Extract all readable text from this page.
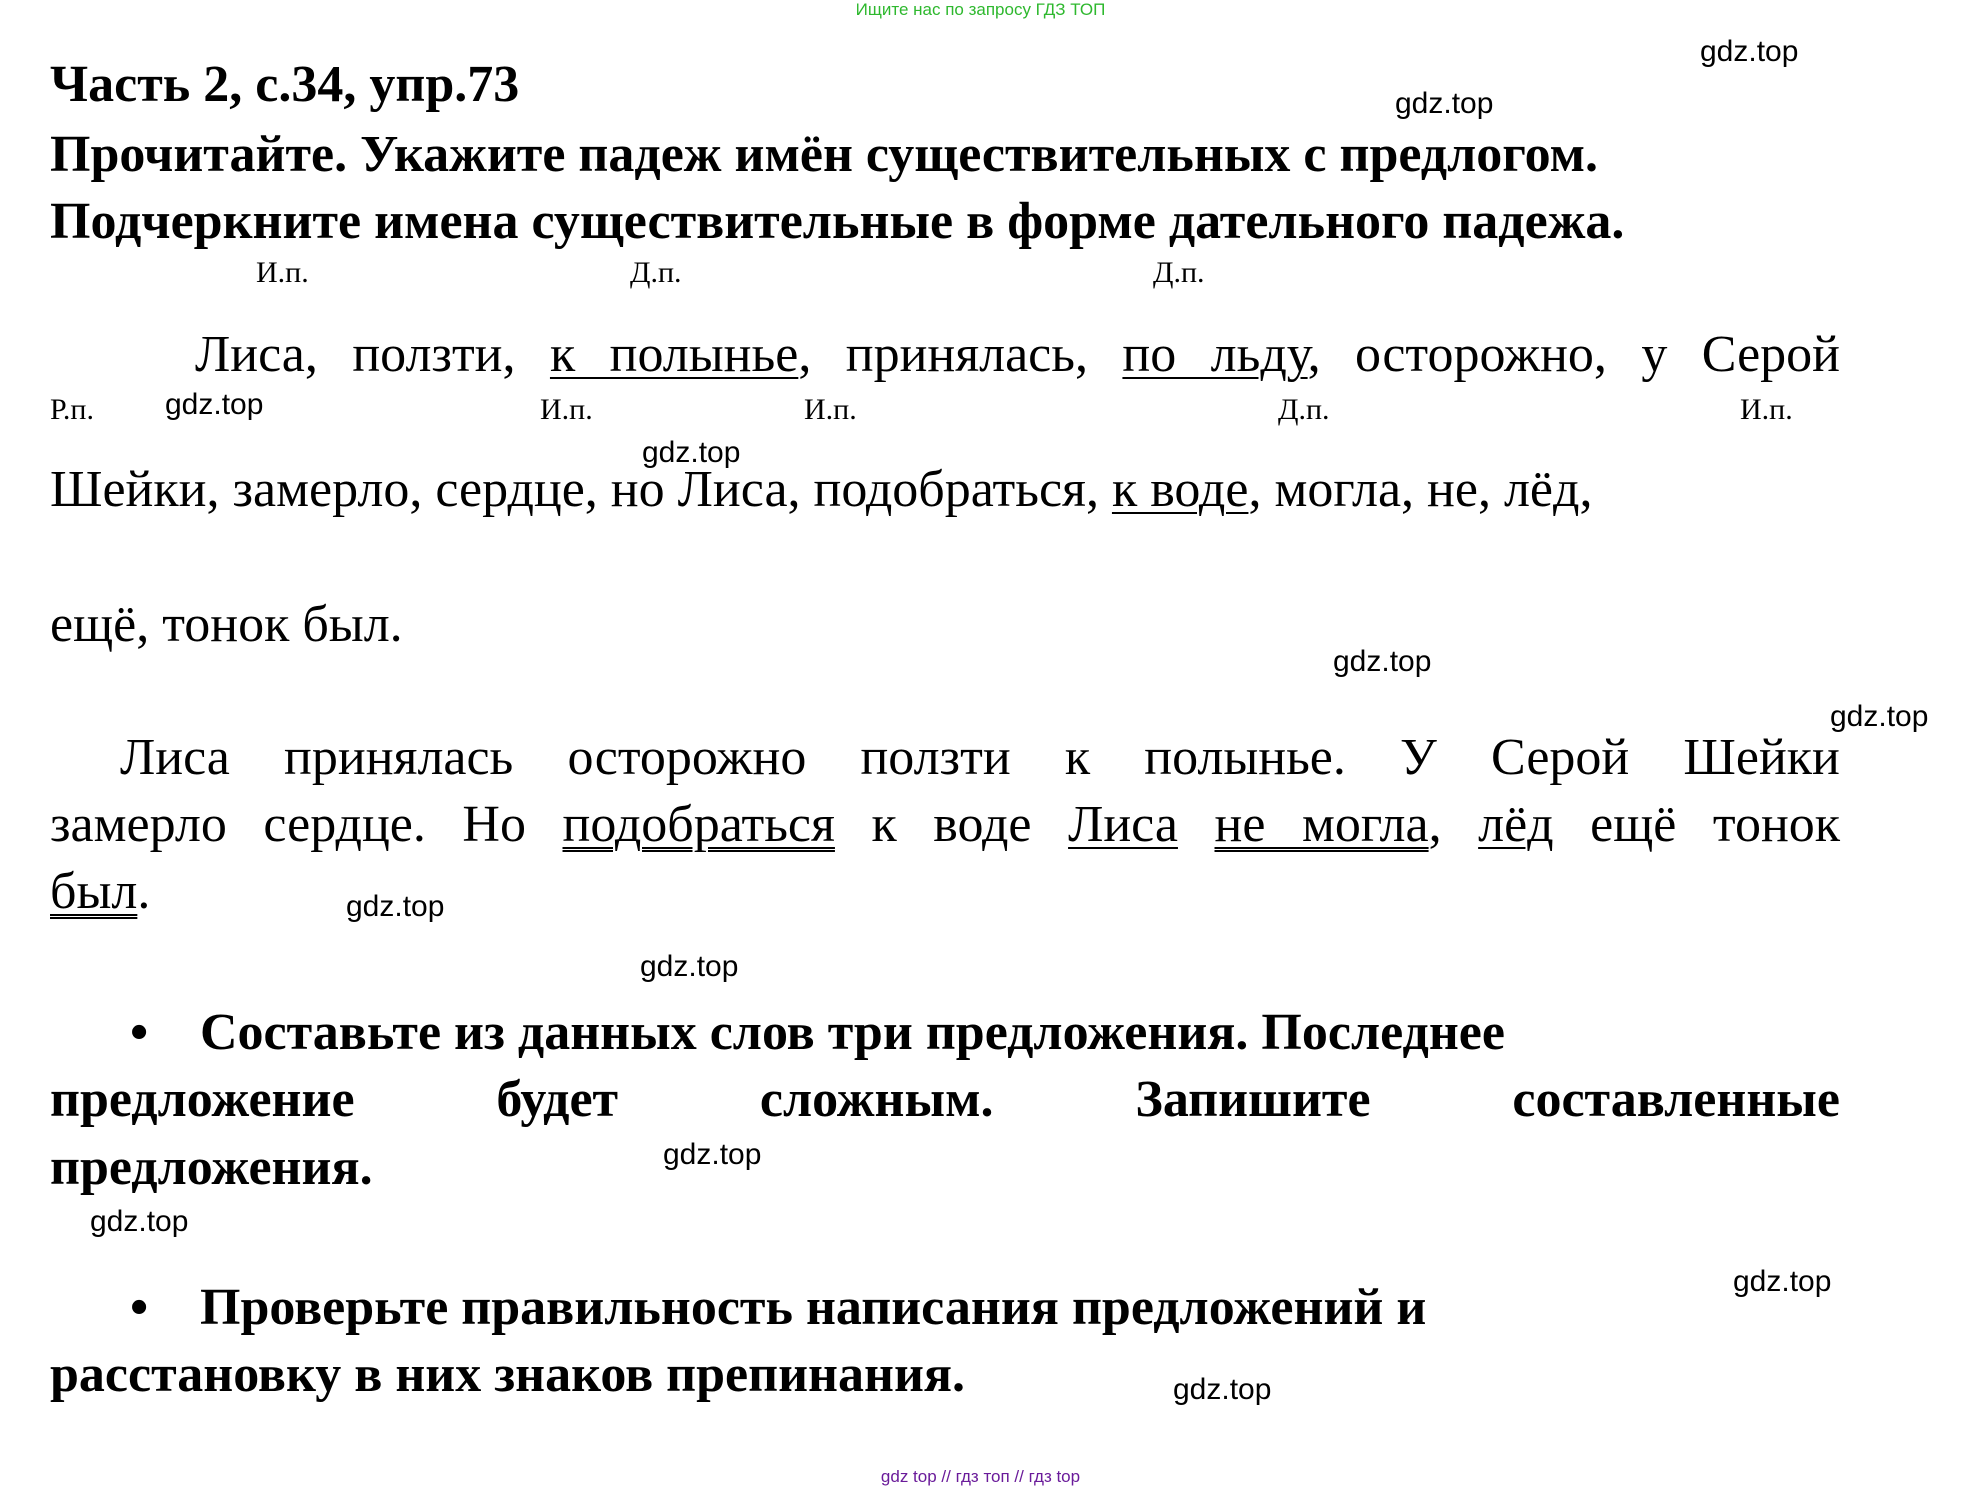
Ищите нас по запросу ГДЗ ТОП
gdz.top
gdz.top
gdz.top
gdz.top
gdz.top
gdz.top
gdz.top
gdz.top
gdz.top
gdz.top
gdz.top
gdz.top
Часть 2, с.34, упр.73
Прочитайте. Укажите падеж имён существительных с предлогом.
Подчеркните имена существительные в форме дательного падежа.
И.п.	Д.п.	Д.п.
Лиса, ползти, к полынье, принялась, по льду, осторожно, у Серой
Р.п.	И.п.	И.п.	Д.п.	И.п.
Шейки, замерло, сердце, но Лиса, подобраться, к воде, могла, не, лёд,
ещё, тонок был.
Лиса принялась осторожно ползти к полынье. У Серой Шейки
замерло сердце. Но подобраться к воде Лиса не могла, лёд ещё тонок
был.
• Составьте из данных слов три предложения. Последнее
предложение	будет	сложным.	Запишите	составленные
предложения.
• Проверьте правильность написания предложений и
расстановку в них знаков препинания.
gdz top // гдз топ // гдз top
